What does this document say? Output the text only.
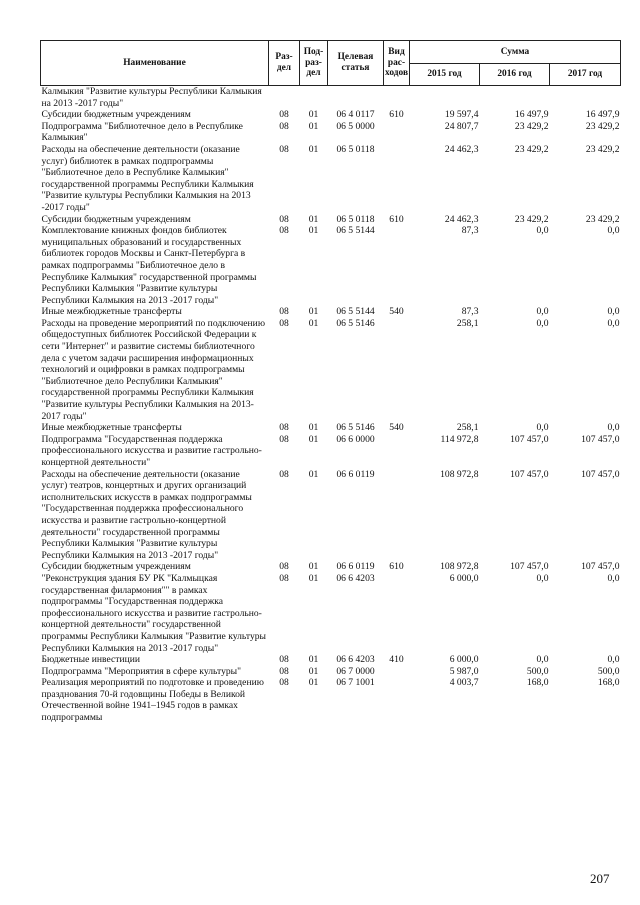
Наименование	Раз-дел	Под-раз-дел	Целевая статья	Вид рас-ходов	Сумма		
					2015 год	2016 год	2017 год
Калмыкия "Развитие культуры Республики Калмыкия на 2013 -2017 годы"							
Субсидии бюджетным учреждениям	08	01	06 4 0117	610	19 597,4	16 497,9	16 497,9
Подпрограмма "Библиотечное дело в Республике Калмыкия"	08	01	06 5 0000		24 807,7	23 429,2	23 429,2
Расходы на обеспечение деятельности (оказание услуг) библиотек в рамках подпрограммы "Библиотечное дело в Республике Калмыкия" государственной программы Республики Калмыкия "Развитие культуры Республики Калмыкия на 2013 -2017 годы"	08	01	06 5 0118		24 462,3	23 429,2	23 429,2
Субсидии бюджетным учреждениям	08	01	06 5 0118	610	24 462,3	23 429,2	23 429,2
Комплектование книжных фондов библиотек муниципальных образований и государственных библиотек городов Москвы и Санкт-Петербурга в рамках подпрограммы "Библиотечное дело в Республике Калмыкия" государственной программы Республики Калмыкия "Развитие культуры Республики Калмыкия на 2013 -2017 годы"	08	01	06 5 5144		87,3	0,0	0,0
Иные межбюджетные трансферты	08	01	06 5 5144	540	87,3	0,0	0,0
Расходы на проведение мероприятий по подключению общедоступных библиотек Российской Федерации к сети "Интернет" и развитие системы библиотечного дела с учетом задачи расширения информационных технологий и оцифровки в рамках подпрограммы "Библиотечное дело Республики Калмыкия" государственной программы Республики Калмыкия "Развитие культуры Республики Калмыкия на 2013-2017 годы"	08	01	06 5 5146		258,1	0,0	0,0
Иные межбюджетные трансферты	08	01	06 5 5146	540	258,1	0,0	0,0
Подпрограмма "Государственная поддержка профессионального искусства и развитие гастрольно-концертной деятельности"	08	01	06 6 0000		114 972,8	107 457,0	107 457,0
Расходы на обеспечение деятельности (оказание услуг) театров, концертных и других организаций исполнительских искусств в рамках подпрограммы "Государственная поддержка профессионального искусства и развитие гастрольно-концертной деятельности" государственной программы Республики Калмыкия "Развитие культуры Республики Калмыкия на 2013 -2017 годы"	08	01	06 6 0119		108 972,8	107 457,0	107 457,0
Субсидии бюджетным учреждениям	08	01	06 6 0119	610	108 972,8	107 457,0	107 457,0
"Реконструкция здания БУ РК "Калмыцкая государственная филармония"" в рамках подпрограммы "Государственная поддержка профессионального искусства и развитие гастрольно-концертной деятельности" государственной программы Республики Калмыкия "Развитие культуры Республики Калмыкия на 2013 -2017 годы"	08	01	06 6 4203		6 000,0	0,0	0,0
Бюджетные инвестиции	08	01	06 6 4203	410	6 000,0	0,0	0,0
Подпрограмма "Мероприятия в сфере культуры"	08	01	06 7 0000		5 987,0	500,0	500,0
Реализация мероприятий по подготовке и проведению празднования 70-й годовщины Победы в Великой Отечественной войне 1941–1945 годов в рамках подпрограммы	08	01	06 7 1001		4 003,7	168,0	168,0
207
